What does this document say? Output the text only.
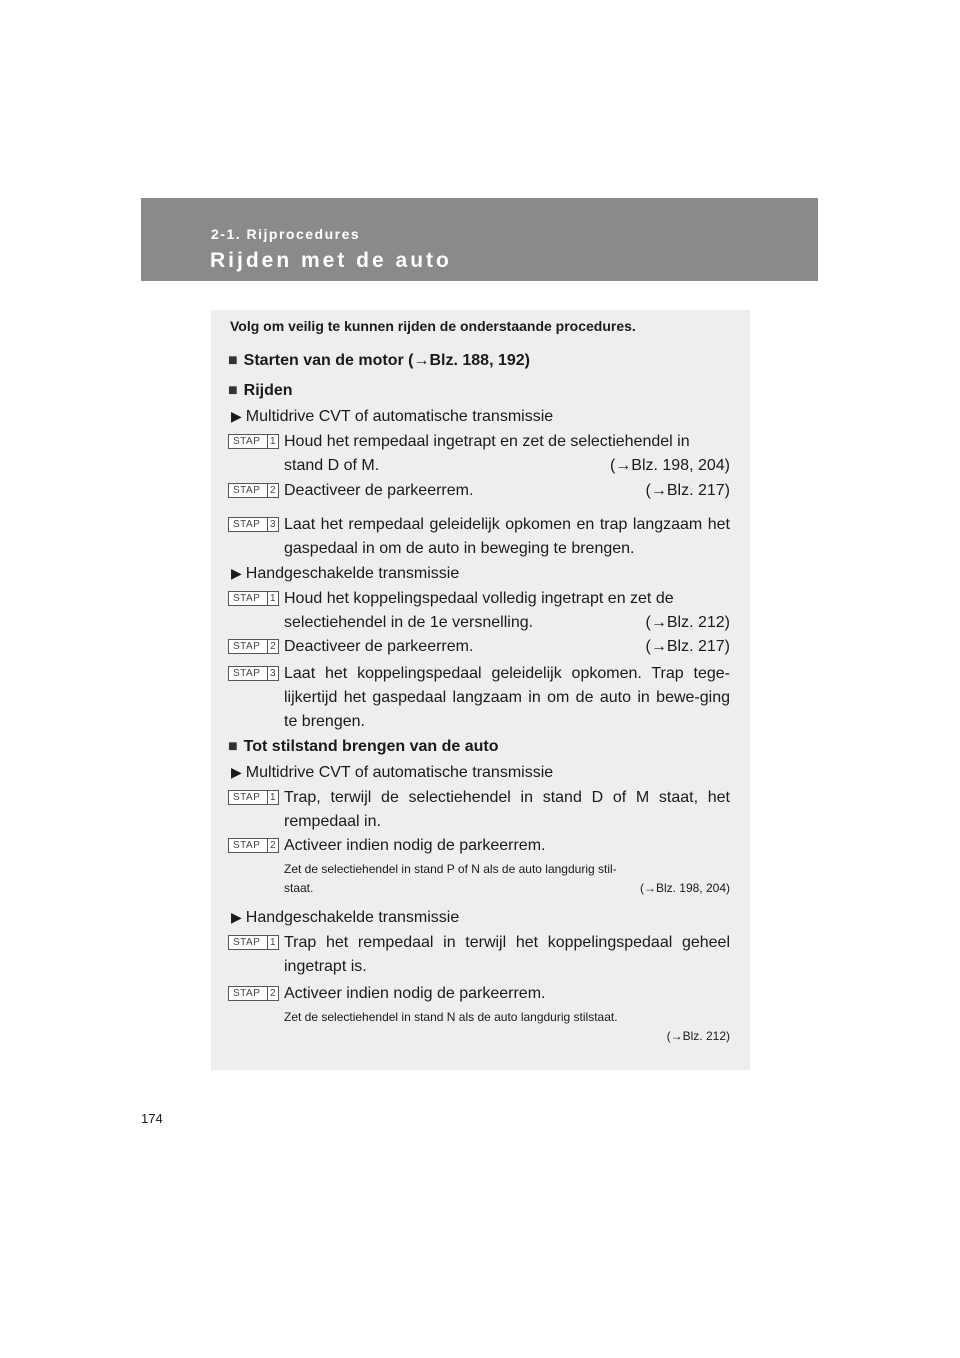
2-1. Rijprocedures
Rijden met de auto
Volg om veilig te kunnen rijden de onderstaande procedures.
■ Starten van de motor (→Blz. 188, 192)
■ Rijden
▶ Multidrive CVT of automatische transmissie
STAP 1 Houd het rempedaal ingetrapt en zet de selectiehendel in
stand D of M.	(→Blz. 198, 204)
STAP 2 Deactiveer de parkeerrem.	(→Blz. 217)
STAP 3 Laat het rempedaal geleidelijk opkomen en trap langzaam het gaspedaal in om de auto in beweging te brengen.
▶ Handgeschakelde transmissie
STAP 1 Houd het koppelingspedaal volledig ingetrapt en zet de
selectiehendel in de 1e versnelling.	(→Blz. 212)
STAP 2 Deactiveer de parkeerrem.	(→Blz. 217)
STAP 3 Laat het koppelingspedaal geleidelijk opkomen. Trap tege-lijkertijd het gaspedaal langzaam in om de auto in bewe-ging te brengen.
■ Tot stilstand brengen van de auto
▶ Multidrive CVT of automatische transmissie
STAP 1 Trap, terwijl de selectiehendel in stand D of M staat, het rempedaal in.
STAP 2 Activeer indien nodig de parkeerrem.
Zet de selectiehendel in stand P of N als de auto langdurig stil-
staat.	(→Blz. 198, 204)
▶ Handgeschakelde transmissie
STAP 1 Trap het rempedaal in terwijl het koppelingspedaal geheel ingetrapt is.
STAP 2 Activeer indien nodig de parkeerrem.
Zet de selectiehendel in stand N als de auto langdurig stilstaat.
(→Blz. 212)
174
